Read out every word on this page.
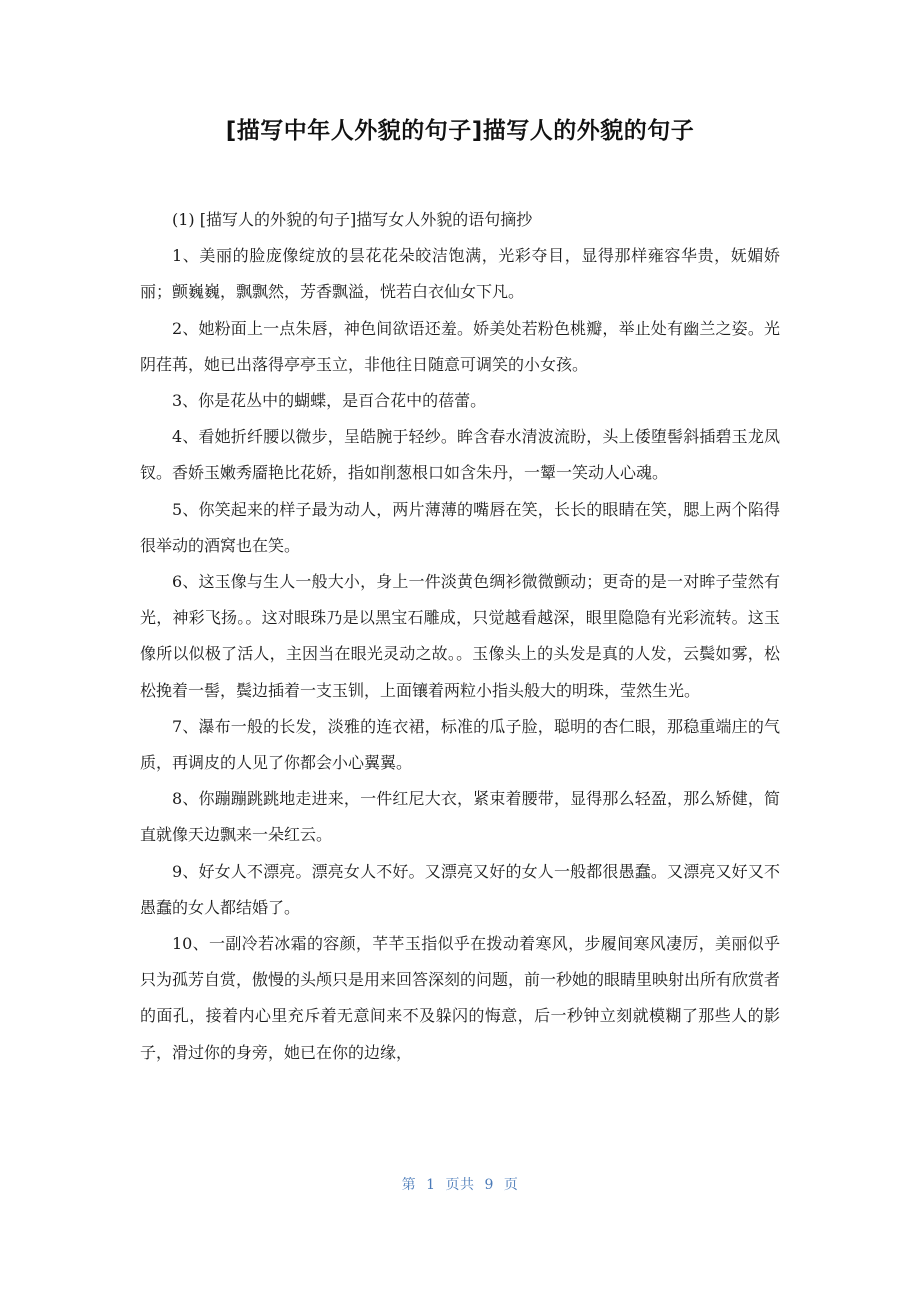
[描写中年人外貌的句子]描写人的外貌的句子

(1) [描写人的外貌的句子]描写女人外貌的语句摘抄

1、美丽的脸庞像绽放的昙花花朵皎洁饱满，光彩夺目，显得那样雍容华贵，妩媚娇丽；颤巍巍，飘飘然，芳香飘溢，恍若白衣仙女下凡。

2、她粉面上一点朱唇，神色间欲语还羞。娇美处若粉色桃瓣，举止处有幽兰之姿。光阴荏苒，她已出落得亭亭玉立，非他往日随意可调笑的小女孩。

3、你是花丛中的蝴蝶，是百合花中的蓓蕾。

4、看她折纤腰以微步，呈皓腕于轻纱。眸含春水清波流盼，头上倭堕髻斜插碧玉龙凤钗。香娇玉嫩秀靥艳比花娇，指如削葱根口如含朱丹，一颦一笑动人心魂。

5、你笑起来的样子最为动人，两片薄薄的嘴唇在笑，长长的眼睛在笑，腮上两个陷得很举动的酒窝也在笑。

6、这玉像与生人一般大小，身上一件淡黄色绸衫微微颤动；更奇的是一对眸子莹然有光，神彩飞扬。。这对眼珠乃是以黑宝石雕成，只觉越看越深，眼里隐隐有光彩流转。这玉像所以似极了活人，主因当在眼光灵动之故。。玉像头上的头发是真的人发，云鬓如雾，松松挽着一髻，鬓边插着一支玉钏，上面镶着两粒小指头般大的明珠，莹然生光。

7、瀑布一般的长发，淡雅的连衣裙，标准的瓜子脸，聪明的杏仁眼，那稳重端庄的气质，再调皮的人见了你都会小心翼翼。

8、你蹦蹦跳跳地走进来，一件红尼大衣，紧束着腰带，显得那么轻盈，那么矫健，简直就像天边飘来一朵红云。

9、好女人不漂亮。漂亮女人不好。又漂亮又好的女人一般都很愚蠢。又漂亮又好又不愚蠢的女人都结婚了。

10、一副冷若冰霜的容颜，芊芊玉指似乎在拨动着寒风，步履间寒风凄厉，美丽似乎只为孤芳自赏，傲慢的头颅只是用来回答深刻的问题，前一秒她的眼睛里映射出所有欣赏者的面孔，接着内心里充斥着无意间来不及躲闪的悔意，后一秒钟立刻就模糊了那些人的影子，滑过你的身旁，她已在你的边缘，

第 1 页共 9 页
